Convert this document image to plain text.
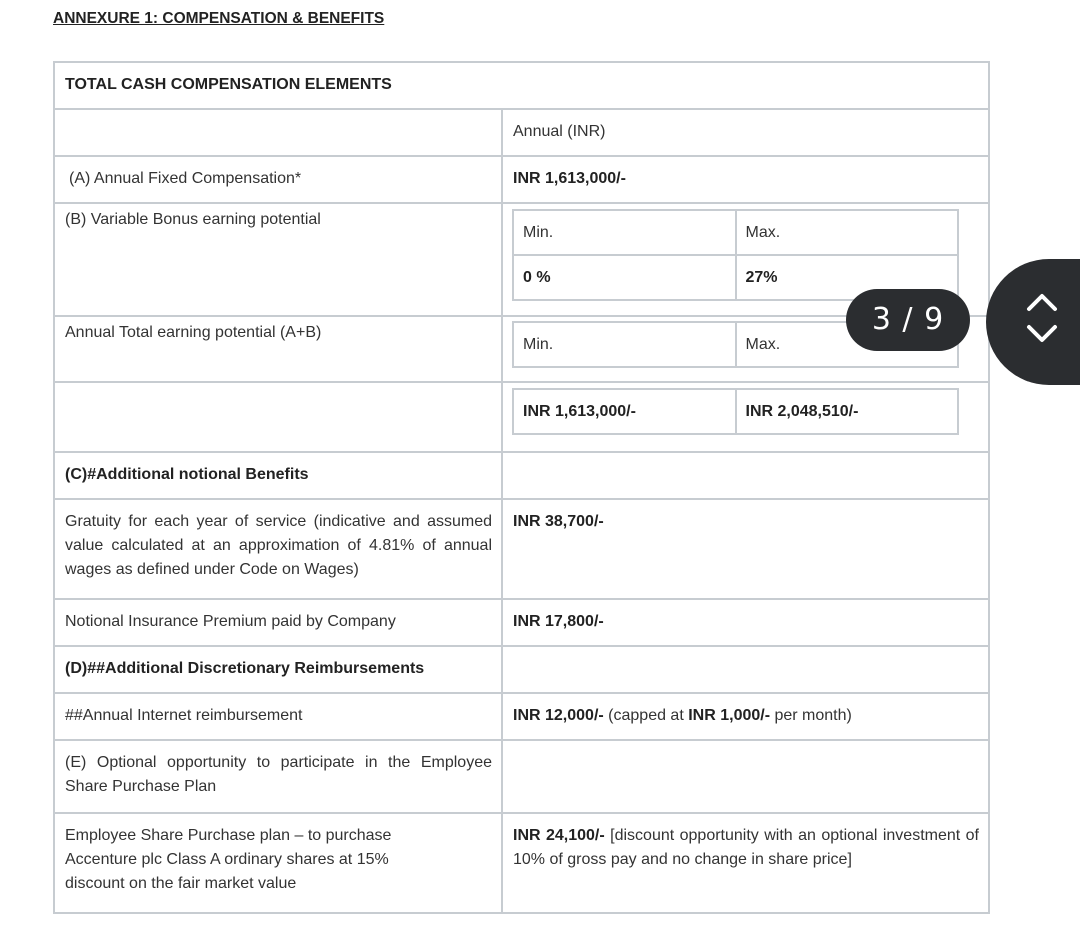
ANNEXURE 1: COMPENSATION & BENEFITS
TOTAL CASH COMPENSATION ELEMENTS
	Annual (INR)
(A) Annual Fixed Compensation*	INR 1,613,000/-
(B) Variable Bonus earning potential	
Min.	Max.
0 %	27%

Annual Total earning potential (A+B)	
Min.	Max.

INR 1,613,000/-	INR 2,048,510/-

(C)#Additional notional Benefits	
Gratuity for each year of service (indicative and assumed value calculated at an approximation of 4.81% of annual wages as defined under Code on Wages)	INR 38,700/-
Notional Insurance Premium paid by Company	INR 17,800/-
(D)##Additional Discretionary Reimbursements	
##Annual Internet reimbursement	INR 12,000/- (capped at INR 1,000/- per month)
(E) Optional opportunity to participate in the Employee Share Purchase Plan	
Employee Share Purchase plan – to purchase Accenture plc Class A ordinary shares at 15% discount on the fair market value	INR 24,100/- [discount opportunity with an optional investment of 10% of gross pay and no change in share price]
3 / 9
